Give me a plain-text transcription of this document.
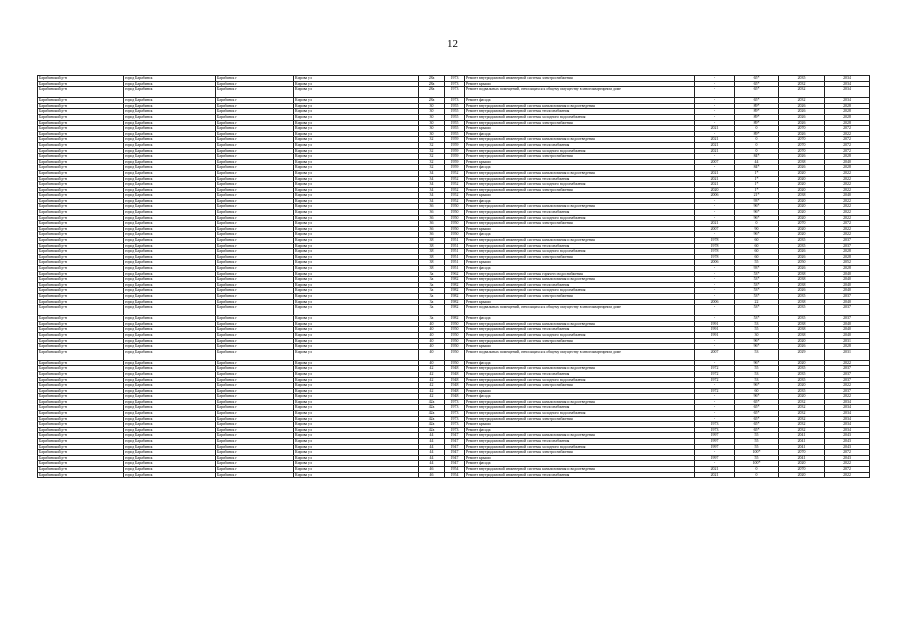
12
Барабинский р-н	город Барабинск	Барабинск г	Кирова ул	28а	1973	Ремонт внутридомовой инженерной системы электроснабжения	-	65*	2035	2034
Барабинский р-н	город Барабинск	Барабинск г	Кирова ул	28а	1973	Ремонт крыши	-	65*	2032	2034
Барабинский р-н	город Барабинск	Барабинск г	Кирова ул	28а	1973	Ремонт подвальных помещений, относящихся к общему имуществу в многоквартирном доме	-	65*	2032	2034
Барабинский р-н	город Барабинск	Барабинск г	Кирова ул	28а	1973	Ремонт фасада	-	65*	2032	2034
Барабинский р-н	город Барабинск	Барабинск г	Кирова ул	30	1955	Ремонт внутридомовой инженерной системы канализования и водоотведения	-	89*	2026	2028
Барабинский р-н	город Барабинск	Барабинск г	Кирова ул	30	1955	Ремонт внутридомовой инженерной системы теплоснабжения	-	89*	2026	2028
Барабинский р-н	город Барабинск	Барабинск г	Кирова ул	30	1955	Ремонт внутридомовой инженерной системы холодного водоснабжения	-	89*	2026	2028
Барабинский р-н	город Барабинск	Барабинск г	Кирова ул	30	1955	Ремонт внутридомовой инженерной системы электроснабжения	-	89*	2026	2028
Барабинский р-н	город Барабинск	Барабинск г	Кирова ул	30	1955	Ремонт крыши	2021	0	2070	2072
Барабинский р-н	город Барабинск	Барабинск г	Кирова ул	30	1955	Ремонт фасада	-	89*	2026	2022
Барабинский р-н	город Барабинск	Барабинск г	Кирова ул	32	1959	Ремонт внутридомовой инженерной системы канализования и водоотведения	2021	0	2070	2072
Барабинский р-н	город Барабинск	Барабинск г	Кирова ул	32	1959	Ремонт внутридомовой инженерной системы теплоснабжения	2021	0	2070	2072
Барабинский р-н	город Барабинск	Барабинск г	Кирова ул	32	1959	Ремонт внутридомовой инженерной системы холодного водоснабжения	2021	0	2070	2072
Барабинский р-н	город Барабинск	Барабинск г	Кирова ул	32	1959	Ремонт внутридомовой инженерной системы электроснабжения	-	84*	2026	2028
Барабинский р-н	город Барабинск	Барабинск г	Кирова ул	32	1959	Ремонт крыши	2007	44	2038	2040
Барабинский р-н	город Барабинск	Барабинск г	Кирова ул	32	1959	Ремонт фасада	-	84*	2026	2028
Барабинский р-н	город Барабинск	Барабинск г	Кирова ул	34	1952	Ремонт внутридомовой инженерной системы канализования и водоотведения	2021	1*	2020	2022
Барабинский р-н	город Барабинск	Барабинск г	Кирова ул	34	1952	Ремонт внутридомовой инженерной системы теплоснабжения	2021	1*	2020	2022
Барабинский р-н	город Барабинск	Барабинск г	Кирова ул	34	1952	Ремонт внутридомовой инженерной системы холодного водоснабжения	2021	1*	2020	2022
Барабинский р-н	город Барабинск	Барабинск г	Кирова ул	34	1952	Ремонт внутридомовой инженерной системы электроснабжения	2020	1*	2020	2022
Барабинский р-н	город Барабинск	Барабинск г	Кирова ул	34	1952	Ремонт крыши	2006	21*	2038	2040
Барабинский р-н	город Барабинск	Барабинск г	Кирова ул	34	1952	Ремонт фасада	-	93*	2020	2022
Барабинский р-н	город Барабинск	Барабинск г	Кирова ул	36	1950	Ремонт внутридомовой инженерной системы канализования и водоотведения	-	96*	2020	2022
Барабинский р-н	город Барабинск	Барабинск г	Кирова ул	36	1950	Ремонт внутридомовой инженерной системы теплоснабжения	-	96*	2020	2022
Барабинский р-н	город Барабинск	Барабинск г	Кирова ул	36	1950	Ремонт внутридомовой инженерной системы холодного водоснабжения	-	96*	2020	2022
Барабинский р-н	город Барабинск	Барабинск г	Кирова ул	36	1950	Ремонт внутридомовой инженерной системы электроснабжения	2021	0	2070	2072
Барабинский р-н	город Барабинск	Барабинск г	Кирова ул	36	1950	Ремонт крыши	2007	90	2020	2022
Барабинский р-н	город Барабинск	Барабинск г	Кирова ул	36	1950	Ремонт фасада	-	96*	2020	2022
Барабинский р-н	город Барабинск	Барабинск г	Кирова ул	38	1951	Ремонт внутридомовой инженерной системы канализования и водоотведения	1978	60	2035	2037
Барабинский р-н	город Барабинск	Барабинск г	Кирова ул	38	1951	Ремонт внутридомовой инженерной системы теплоснабжения	1978	60	2035	2037
Барабинский р-н	город Барабинск	Барабинск г	Кирова ул	38	1951	Ремонт внутридомовой инженерной системы холодного водоснабжения	1978	60	2026	2028
Барабинский р-н	город Барабинск	Барабинск г	Кирова ул	38	1951	Ремонт внутридомовой инженерной системы электроснабжения	1978	60	2026	2028
Барабинский р-н	город Барабинск	Барабинск г	Кирова ул	38	1951	Ремонт крыши	2006	55	2050	2052
Барабинский р-н	город Барабинск	Барабинск г	Кирова ул	38	1951	Ремонт фасада	-	93*	2026	2028
Барабинский р-н	город Барабинск	Барабинск г	Кирова ул	3а	1962	Ремонт внутридомовой инженерной системы горячего водоснабжения	-	53*	2038	2040
Барабинский р-н	город Барабинск	Барабинск г	Кирова ул	3а	1982	Ремонт внутридомовой инженерной системы канализования и водоотведения	-	53*	2038	2040
Барабинский р-н	город Барабинск	Барабинск г	Кирова ул	3а	1982	Ремонт внутридомовой инженерной системы теплоснабжения	-	53*	2038	2040
Барабинский р-н	город Барабинск	Барабинск г	Кирова ул	3а	1982	Ремонт внутридомовой инженерной системы холодного водоснабжения	-	53*	2026	2040
Барабинский р-н	город Барабинск	Барабинск г	Кирова ул	3а	1982	Ремонт внутридомовой инженерной системы электроснабжения	-	53*	2035	2037
Барабинский р-н	город Барабинск	Барабинск г	Кирова ул	3а	1982	Ремонт крыши	2006	22	2038	2040
Барабинский р-н	город Барабинск	Барабинск г	Кирова ул	3а	1982	Ремонт подвальных помещений, относящихся к общему имуществу в многоквартирном доме	-	53*	2035	2037
Барабинский р-н	город Барабинск	Барабинск г	Кирова ул	3а	1982	Ремонт фасада	-	53*	2035	2037
Барабинский р-н	город Барабинск	Барабинск г	Кирова ул	40	1950	Ремонт внутридомовой инженерной системы канализования и водоотведения	1991	53	2038	2040
Барабинский р-н	город Барабинск	Барабинск г	Кирова ул	40	1950	Ремонт внутридомовой инженерной системы теплоснабжения	1991	55	2038	2040
Барабинский р-н	город Барабинск	Барабинск г	Кирова ул	40	1950	Ремонт внутридомовой инженерной системы холодного водоснабжения	1991	30	2038	2040
Барабинский р-н	город Барабинск	Барабинск г	Кирова ул	40	1950	Ремонт внутридомовой инженерной системы электроснабжения	-	96*	2020	2031
Барабинский р-н	город Барабинск	Барабинск г	Кирова ул	40	1950	Ремонт крыши	-	96*	2026	2028
Барабинский р-н	город Барабинск	Барабинск г	Кирова ул	40	1950	Ремонт подвальных помещений, относящихся к общему имуществу в многоквартирном доме	2007	53	2029	2031
Барабинский р-н	город Барабинск	Барабинск г	Кирова ул	40	1950	Ремонт фасада	-	96*	2020	2022
Барабинский р-н	город Барабинск	Барабинск г	Кирова ул	42	1948	Ремонт внутридомовой инженерной системы канализования и водоотведения	1972	55	2035	2037
Барабинский р-н	город Барабинск	Барабинск г	Кирова ул	42	1948	Ремонт внутридомовой инженерной системы теплоснабжения	1972	53	2035	2037
Барабинский р-н	город Барабинск	Барабинск г	Кирова ул	42	1948	Ремонт внутридомовой инженерной системы холодного водоснабжения	1972	53	2035	2037
Барабинский р-н	город Барабинск	Барабинск г	Кирова ул	42	1948	Ремонт внутридомовой инженерной системы электроснабжения	-	96*	2020	2022
Барабинский р-н	город Барабинск	Барабинск г	Кирова ул	42	1948	Ремонт крыши	1972	60	2035	2037
Барабинский р-н	город Барабинск	Барабинск г	Кирова ул	42	1948	Ремонт фасада	-	96*	2020	2022
Барабинский р-н	город Барабинск	Барабинск г	Кирова ул	42а	1973	Ремонт внутридомовой инженерной системы канализования и водоотведения	-	65*	2032	2034
Барабинский р-н	город Барабинск	Барабинск г	Кирова ул	42а	1973	Ремонт внутридомовой инженерной системы теплоснабжения	-	65*	2032	2034
Барабинский р-н	город Барабинск	Барабинск г	Кирова ул	42а	1973	Ремонт внутридомовой инженерной системы холодного водоснабжения	-	65*	2032	2034
Барабинский р-н	город Барабинск	Барабинск г	Кирова ул	42а	1973	Ремонт внутридомовой инженерной системы электроснабжения	-	65*	2032	2034
Барабинский р-н	город Барабинск	Барабинск г	Кирова ул	42а	1973	Ремонт крыши	1973	65*	2032	2034
Барабинский р-н	город Барабинск	Барабинск г	Кирова ул	42а	1973	Ремонт фасада	1973	65*	2032	2034
Барабинский р-н	город Барабинск	Барабинск г	Кирова ул	44	1947	Ремонт внутридомовой инженерной системы канализования и водоотведения	1997	55	2041	2043
Барабинский р-н	город Барабинск	Барабинск г	Кирова ул	44	1947	Ремонт внутридомовой инженерной системы теплоснабжения	1997	55	2041	2043
Барабинский р-н	город Барабинск	Барабинск г	Кирова ул	44	1947	Ремонт внутридомовой инженерной системы холодного водоснабжения	1997	55	2041	2043
Барабинский р-н	город Барабинск	Барабинск г	Кирова ул	44	1947	Ремонт внутридомовой инженерной системы электроснабжения	-	100*	2070	2072
Барабинский р-н	город Барабинск	Барабинск г	Кирова ул	44	1947	Ремонт крыши	1997	55	2041	2043
Барабинский р-н	город Барабинск	Барабинск г	Кирова ул	44	1947	Ремонт фасада	-	100*	2020	2022
Барабинский р-н	город Барабинск	Барабинск г	Кирова ул	46	1954	Ремонт внутридомовой инженерной системы канализования и водоотведения	2021	0	2070	2072
Барабинский р-н	город Барабинск	Барабинск г	Кирова ул	46	1954	Ремонт внутридомовой инженерной системы теплоснабжения	2021	0	2020	2022
